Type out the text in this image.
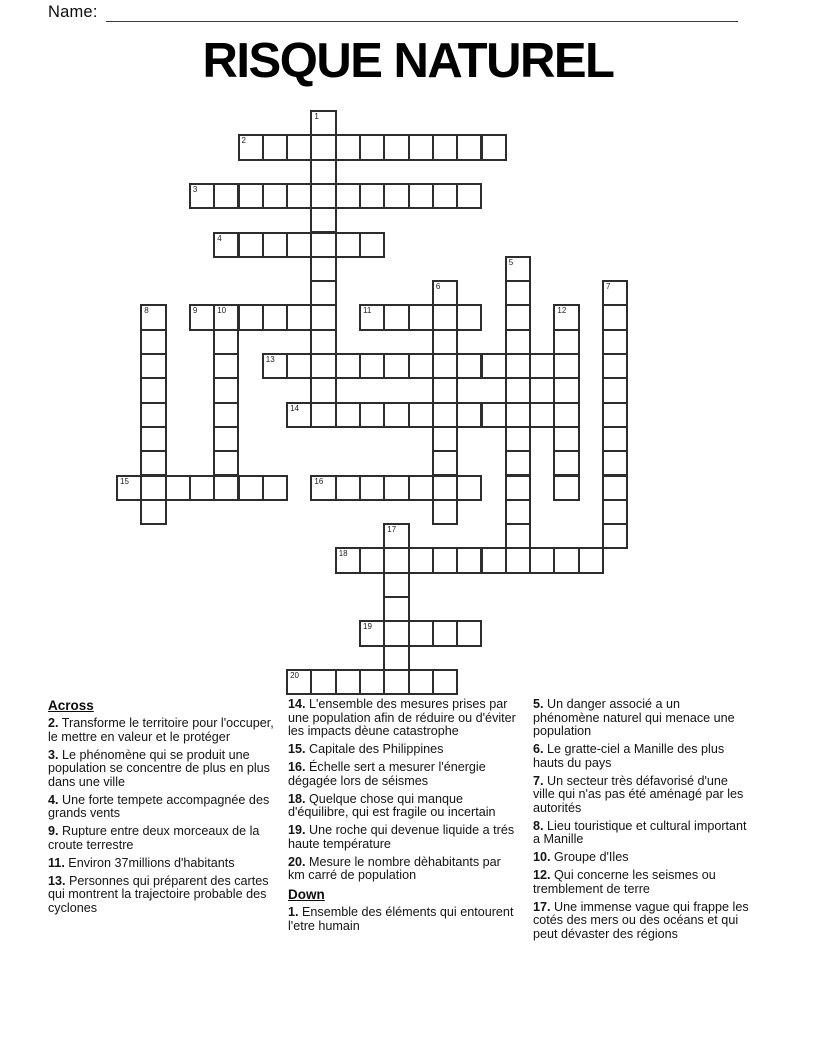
Name:
RISQUE NATUREL
1
2
3
4
5
6	7
8	9 10	11	12
13
14
15	16
17
18
19
20
Across
2. Transforme le territoire pour l'occuper, le mettre en valeur et le protéger
3. Le phénomène qui se produit une population se concentre de plus en plus dans une ville
4. Une forte tempete accompagnée des grands vents
9. Rupture entre deux morceaux de la croute terrestre
11. Environ 37millions d'habitants
13. Personnes qui préparent des cartes qui montrent la trajectoire probable des cyclones
14. L'ensemble des mesures prises par une population afin de réduire ou d'éviter les impacts dèune catastrophe
15. Capitale des Philippines
16. Échelle sert a mesurer l'énergie dégagée lors de séismes
18. Quelque chose qui manque d'équilibre, qui est fragile ou incertain
19. Une roche qui devenue liquide a trés haute température
20. Mesure le nombre dèhabitants par km carré de population
Down
1. Ensemble des éléments qui entourent l'etre humain
5. Un danger associé a un phénomène naturel qui menace une population
6. Le gratte-ciel a Manille des plus hauts du pays
7. Un secteur très défavorisé d'une ville qui n'as pas été aménagé par les autorités
8. Lieu touristique et cultural important a Manille
10. Groupe d'Iles
12. Qui concerne les seismes ou tremblement de terre
17. Une immense vague qui frappe les cotés des mers ou des océans et qui peut dévaster des régions
